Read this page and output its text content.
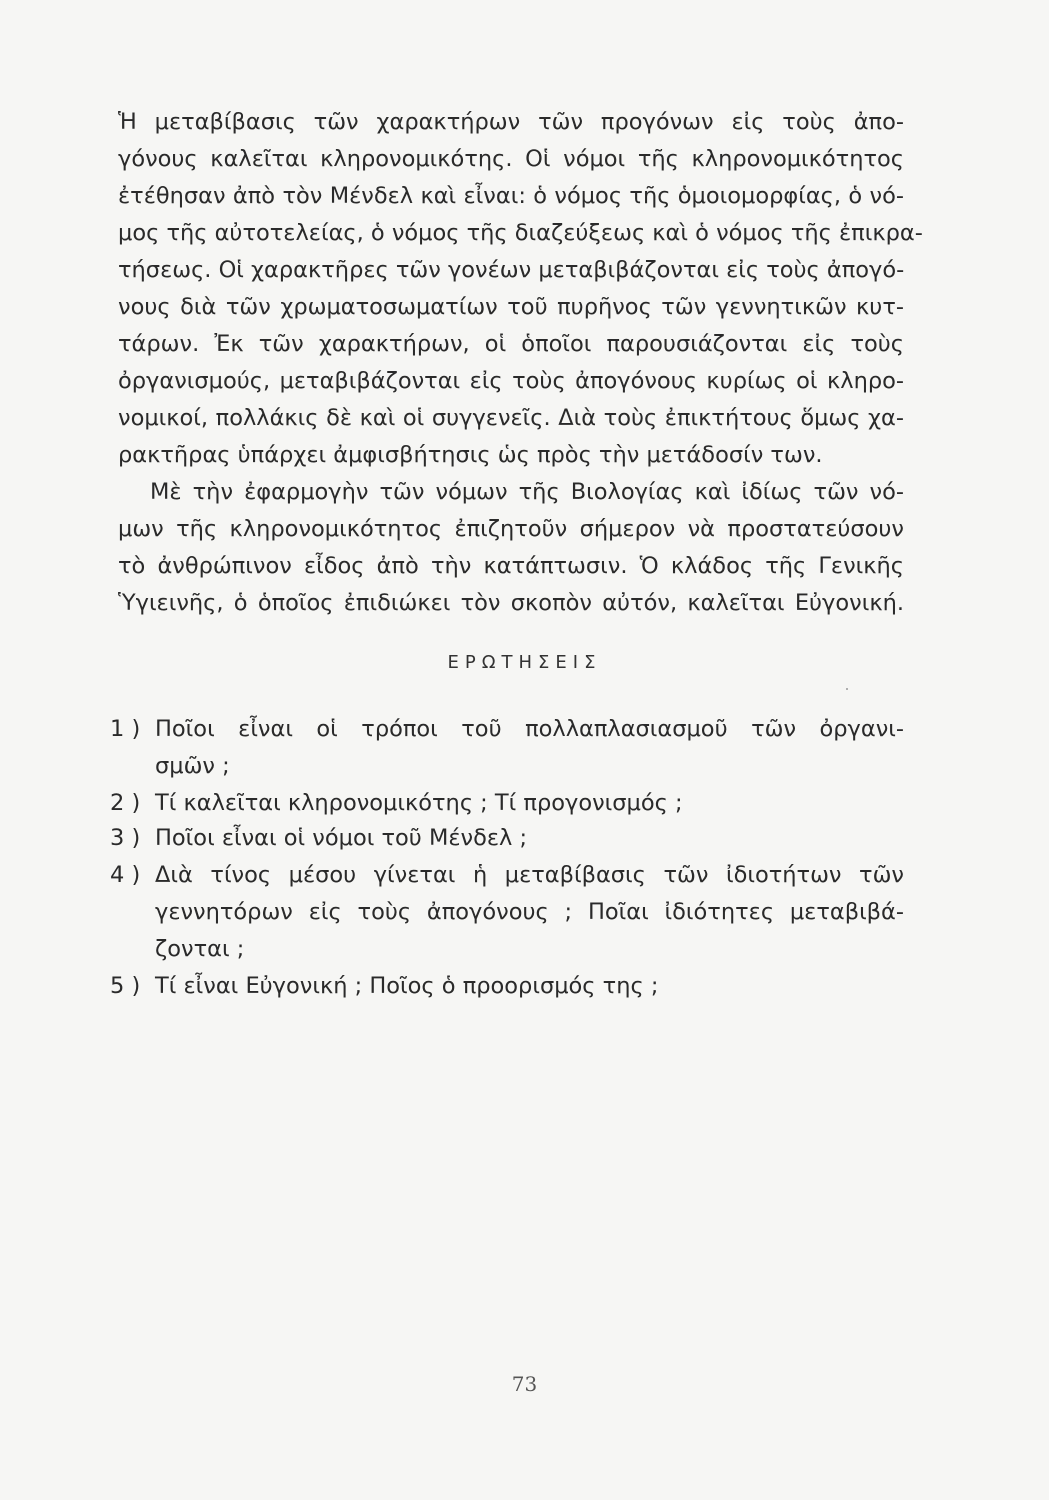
Ἡ μεταβίβασις τῶν χαρακτήρων τῶν προγόνων εἰς τοὺς ἀπο-
γόνους καλεῖται κληρονομικότης. Οἱ νόμοι τῆς κληρονομικότητος
ἐτέθησαν ἀπὸ τὸν Μένδελ καὶ εἶναι: ὁ νόμος τῆς ὁμοιομορφίας, ὁ νό-
μος τῆς αὐτοτελείας, ὁ νόμος τῆς διαζεύξεως καὶ ὁ νόμος τῆς ἐπικρα-
τήσεως. Οἱ χαρακτῆρες τῶν γονέων μεταβιβάζονται εἰς τοὺς ἀπογό-
νους διὰ τῶν χρωματοσωματίων τοῦ πυρῆνος τῶν γεννητικῶν κυτ-
τάρων. Ἐκ τῶν χαρακτήρων, οἱ ὁποῖοι παρουσιάζονται εἰς τοὺς
ὀργανισμούς, μεταβιβάζονται εἰς τοὺς ἀπογόνους κυρίως οἱ κληρο-
νομικοί, πολλάκις δὲ καὶ οἱ συγγενεῖς. Διὰ τοὺς ἐπικτήτους ὅμως χα-
ρακτῆρας ὑπάρχει ἀμφισβήτησις ὡς πρὸς τὴν μετάδοσίν των.
Μὲ τὴν ἐφαρμογὴν τῶν νόμων τῆς Βιολογίας καὶ ἰδίως τῶν νό-
μων τῆς κληρονομικότητος ἐπιζητοῦν σήμερον νὰ προστατεύσουν
τὸ ἀνθρώπινον εἶδος ἀπὸ τὴν κατάπτωσιν. Ὁ κλάδος τῆς Γενικῆς
Ὑγιεινῆς, ὁ ὁποῖος ἐπιδιώκει τὸν σκοπὸν αὐτόν, καλεῖται Εὐγονική.
ΕΡΩΤΗΣΕΙΣ
1 ) Ποῖοι εἶναι οἱ τρόποι τοῦ πολλαπλασιασμοῦ τῶν ὀργανι-
σμῶν ;
2 ) Τί καλεῖται κληρονομικότης ; Τί προγονισμός ;
3 ) Ποῖοι εἶναι οἱ νόμοι τοῦ Μένδελ ;
4 ) Διὰ τίνος μέσου γίνεται ἡ μεταβίβασις τῶν ἰδιοτήτων τῶν
γεννητόρων εἰς τοὺς ἀπογόνους ; Ποῖαι ἰδιότητες μεταβιβά-
ζονται ;
5 ) Τί εἶναι Εὐγονική ; Ποῖος ὁ προορισμός της ;
73
